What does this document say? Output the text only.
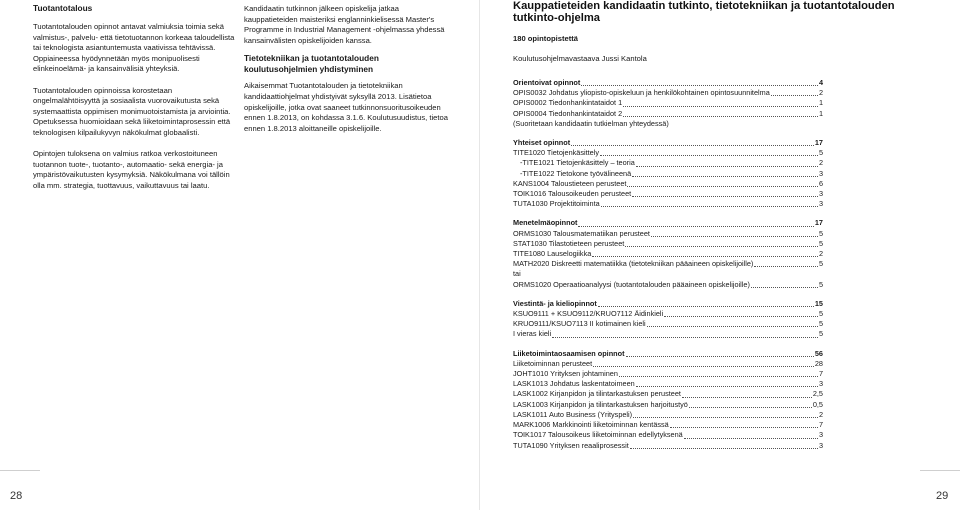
Tuotantotalous

Tuotantotalouden opinnot antavat valmiuksia toimia sekä valmistus-, palvelu- että tietotuotannon korkeaa taloudellista tai teknologista asiantuntemusta vaativissa tehtävissä. Oppiaineessa hyödynnetään myös monipuolisesti elinkeinoelämä- ja kansainvälisiä yhteyksiä.

Tuotantotalouden opinnoissa korostetaan ongelmalähtöisyyttä ja sosiaalista vuorovaikutusta sekä systemaattista oppimisen monimuotoistamista ja arviointia. Opetuksessa huomioidaan sekä liiketoimintaprosessin että teknologisen kilpailukyvyn näkökulmat globaalisti.

Opintojen tuloksena on valmius ratkoa verkostoituneen tuotannon tuote-, tuotanto-, automaatio- sekä energia- ja ympäristövaikutusten kysymyksiä. Näkökulmana voi tällöin olla mm. strategia, tuottavuus, vaikuttavuus tai laatu.

Kandidaatin tutkinnon jälkeen opiskelija jatkaa kauppatieteiden maisteriksi englanninkielisessä Master's Programme in Industrial Management -ohjelmassa yhdessä kansainvälisten opiskelijoiden kanssa.

Tietotekniikan ja tuotantotalouden koulutusohjelmien yhdistyminen

Aikaisemmat Tuotantotalouden ja tietotekniikan kandidaattiohjelmat yhdistyivät syksyllä 2013. Lisätietoa opiskelijoille, jotka ovat saaneet tutkinnonsuoritusoikeuden ennen 1.8.2013, on kohdassa 3.1.6. Koulutusuudistus, tietoa ennen 1.8.2013 aloittaneille opiskelijoille.

28

Kauppatieteiden kandidaatin tutkinto, tietotekniikan ja tuotantotalouden tutkinto-ohjelma

180 opintopistettä

Koulutusohjelmavastaava Jussi Kantola

29
Orientoivat opinnot	4
OPIS0032 Johdatus yliopisto-opiskeluun ja henkilökohtainen opintosuunnitelma	2
OPIS0002 Tiedonhankintataidot 1	1
OPIS0004 Tiedonhankintataidot 2	1
(Suoritetaan kandidaatin tutkielman yhteydessä)
Yhteiset opinnot	17
TITE1020 Tietojenkäsittely	5
-TITE1021 Tietojenkäsittely – teoria	2
-TITE1022 Tietokone työvälineenä	3
KANS1004 Taloustieteen perusteet	6
TOIK1016 Talousoikeuden perusteet	3
TUTA1030 Projektitoiminta	3
Menetelmäopinnot	17
ORMS1030 Talousmatematiikan perusteet	5
STAT1030 Tilastotieteen perusteet	5
TITE1080 Lauselogiikka	2
MATH2020 Diskreetti matematiikka (tietotekniikan pääaineen opiskelijoille)	5
tai
ORMS1020 Operaatioanalyysi (tuotantotalouden pääaineen opiskelijoille)	5
Viestintä- ja kieliopinnot	15
KSUO9111 + KSUO9112/KRUO7112 Äidinkieli	5
KRUO9111/KSUO7113 II kotimainen kieli	5
I vieras kieli	5
Liiketoimintaosaamisen opinnot	56
Liiketoiminnan perusteet	28
JOHT1010 Yrityksen johtaminen	7
LASK1013 Johdatus laskentatoimeen	3
LASK1002 Kirjanpidon ja tilintarkastuksen perusteet	2,5
LASK1003 Kirjanpidon ja tilintarkastuksen harjoitustyö	0,5
LASK1011 Auto Business (Yrityspeli)	2
MARK1006 Markkinointi liiketoiminnan kentässä	7
TOIK1017 Talousoikeus liiketoiminnan edellytyksenä	3
TUTA1090 Yrityksen reaaliprosessit	3
